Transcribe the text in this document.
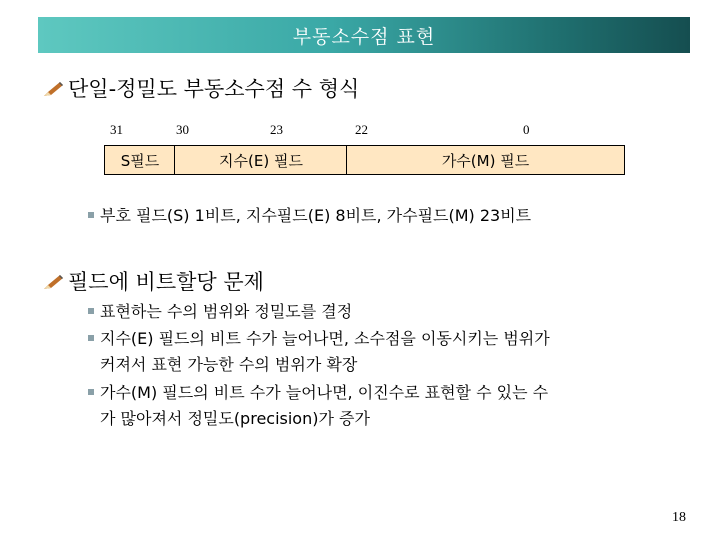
부동소수점 표현
단일-정밀도 부동소수점 수 형식
31	30	23	22	0
S필드	지수(E) 필드	가수(M) 필드
부호 필드(S) 1비트, 지수필드(E) 8비트, 가수필드(M) 23비트
필드에 비트할당 문제
표현하는 수의 범위와 정밀도를 결정
지수(E) 필드의 비트 수가 늘어나면, 소수점을 이동시키는 범위가
커져서 표현 가능한 수의 범위가 확장
가수(M) 필드의 비트 수가 늘어나면, 이진수로 표현할 수 있는 수
가 많아져서 정밀도(precision)가 증가
18
